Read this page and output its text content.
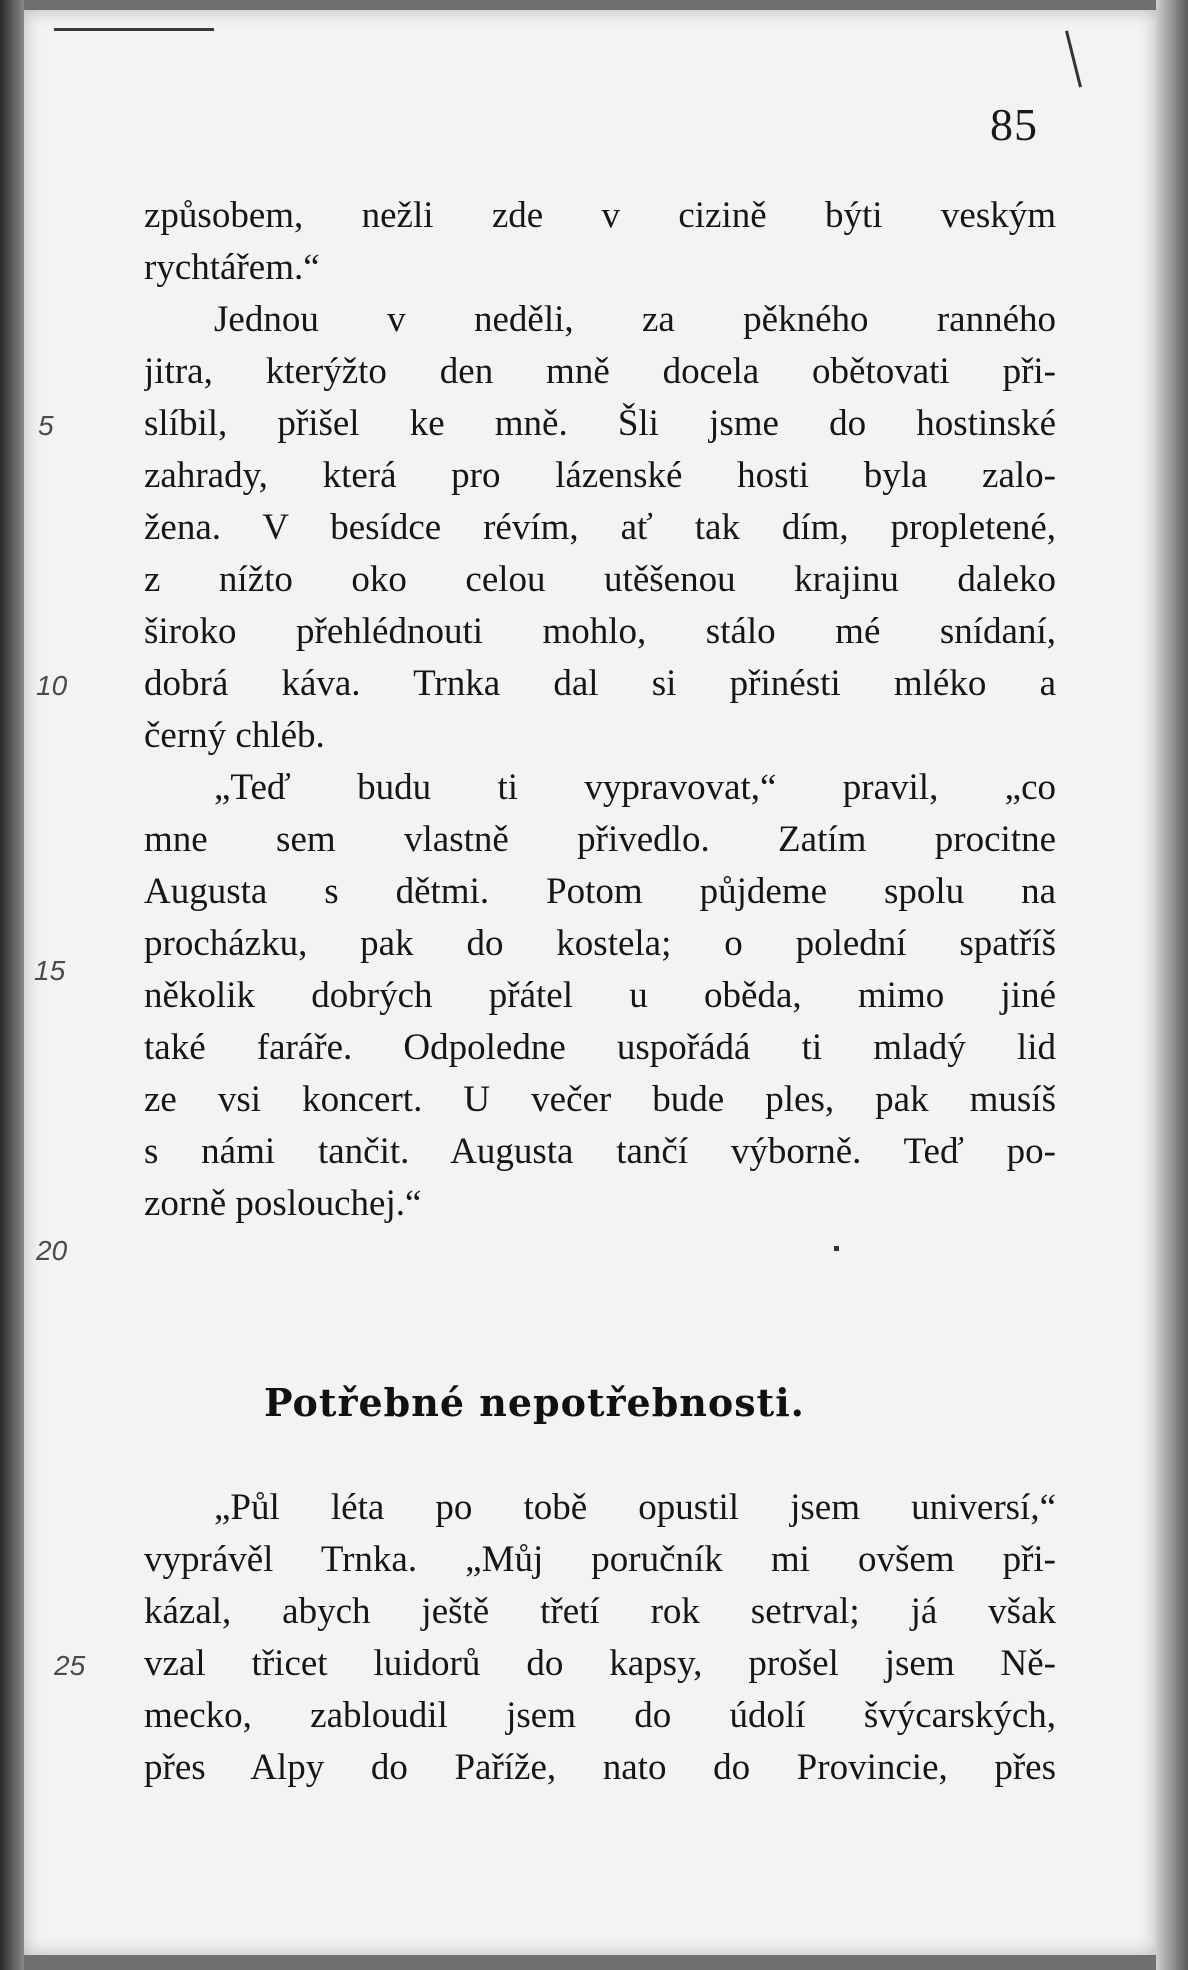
85
5
10
15
20
25
způsobem, nežli zde v cizině býti veským
rychtářem.“
Jednou v neděli, za pěkného ranného
jitra, kterýžto den mně docela obětovati při-
slíbil, přišel ke mně. Šli jsme do hostinské
zahrady, která pro lázenské hosti byla zalo-
žena. V besídce révím, ať tak dím, propletené,
z nížto oko celou utěšenou krajinu daleko
široko přehlédnouti mohlo, stálo mé snídaní,
dobrá káva. Trnka dal si přinésti mléko a
černý chléb.
„Teď budu ti vypravovat,“ pravil, „co
mne sem vlastně přivedlo. Zatím procitne
Augusta s dětmi. Potom půjdeme spolu na
procházku, pak do kostela; o polední spatříš
několik dobrých přátel u oběda, mimo jiné
také faráře. Odpoledne uspořádá ti mladý lid
ze vsi koncert. U večer bude ples, pak musíš
s námi tančit. Augusta tančí výborně. Teď po-
zorně poslouchej.“
Potřebné nepotřebnosti.
„Půl léta po tobě opustil jsem universí,“
vyprávěl Trnka. „Můj poručník mi ovšem při-
kázal, abych ještě třetí rok setrval; já však
vzal třicet luidorů do kapsy, prošel jsem Ně-
mecko, zabloudil jsem do údolí švýcarských,
přes Alpy do Paříže, nato do Provincie, přes
